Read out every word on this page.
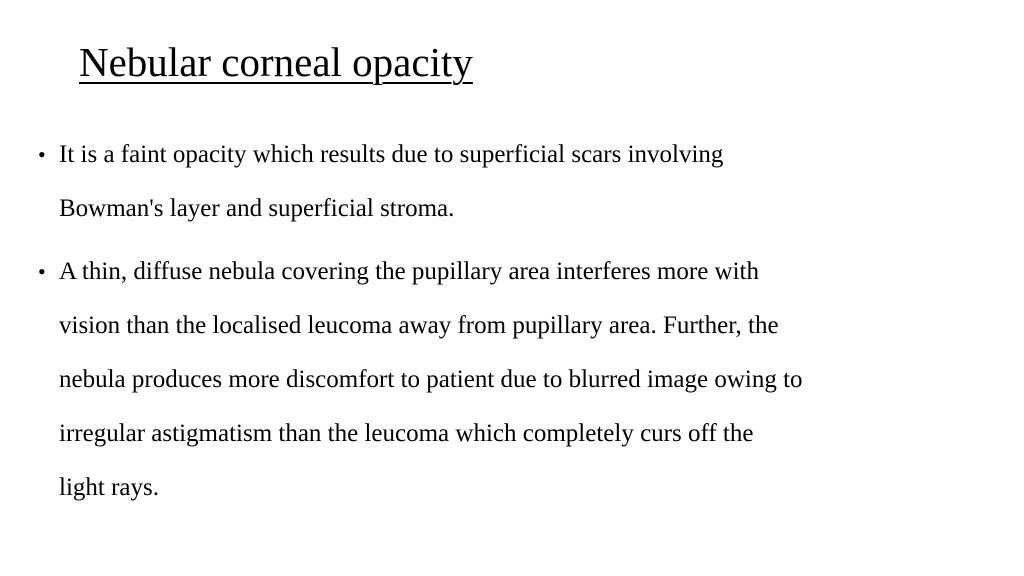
Nebular corneal opacity
• It is a faint opacity which results due to superficial scars involving
Bowman's layer and superficial stroma.
• A thin, diffuse nebula covering the pupillary area interferes more with
vision than the localised leucoma away from pupillary area. Further, the
nebula produces more discomfort to patient due to blurred image owing to
irregular astigmatism than the leucoma which completely curs off the
light rays.
